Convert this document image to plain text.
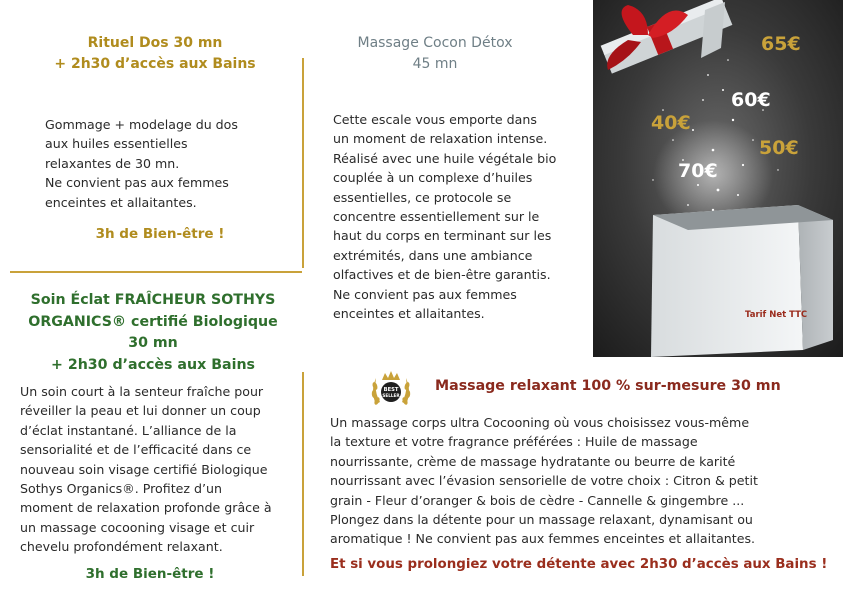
Rituel Dos 30 mn
+ 2h30 d’accès aux Bains
Gommage + modelage du dos
aux huiles essentielles
relaxantes de 30 mn.
Ne convient pas aux femmes
enceintes et allaitantes.
3h de Bien-être !
Massage Cocon Détox
45 mn
Cette escale vous emporte dans
un moment de relaxation intense.
Réalisé avec une huile végétale bio
couplée à un complexe d’huiles
essentielles, ce protocole se
concentre essentiellement sur le
haut du corps en terminant sur les
extrémités, dans une ambiance
olfactives et de bien-être garantis.
Ne convient pas aux femmes
enceintes et allaitantes.
65€
60€
40€
50€
70€
Tarif Net TTC
Soin Éclat FRAÎCHEUR SOTHYS
ORGANICS® certifié Biologique
30 mn
+ 2h30 d’accès aux Bains
Un soin court à la senteur fraîche pour
réveiller la peau et lui donner un coup
d’éclat instantané. L’alliance de la
sensorialité et de l’efficacité dans ce
nouveau soin visage certifié Biologique
Sothys Organics®. Profitez d’un
moment de relaxation profonde grâce à
un massage cocooning visage et cuir
chevelu profondément relaxant.
3h de Bien-être !
BEST
SELLER
Massage relaxant 100 % sur-mesure 30 mn
Un massage corps ultra Cocooning où vous choisissez vous-même
la texture et votre fragrance préférées : Huile de massage
nourrissante, crème de massage hydratante ou beurre de karité
nourrissant avec l’évasion sensorielle de votre choix : Citron & petit
grain - Fleur d’oranger & bois de cèdre - Cannelle & gingembre ...
Plongez dans la détente pour un massage relaxant, dynamisant ou
aromatique ! Ne convient pas aux femmes enceintes et allaitantes.
Et si vous prolongiez votre détente avec 2h30 d’accès aux Bains !
